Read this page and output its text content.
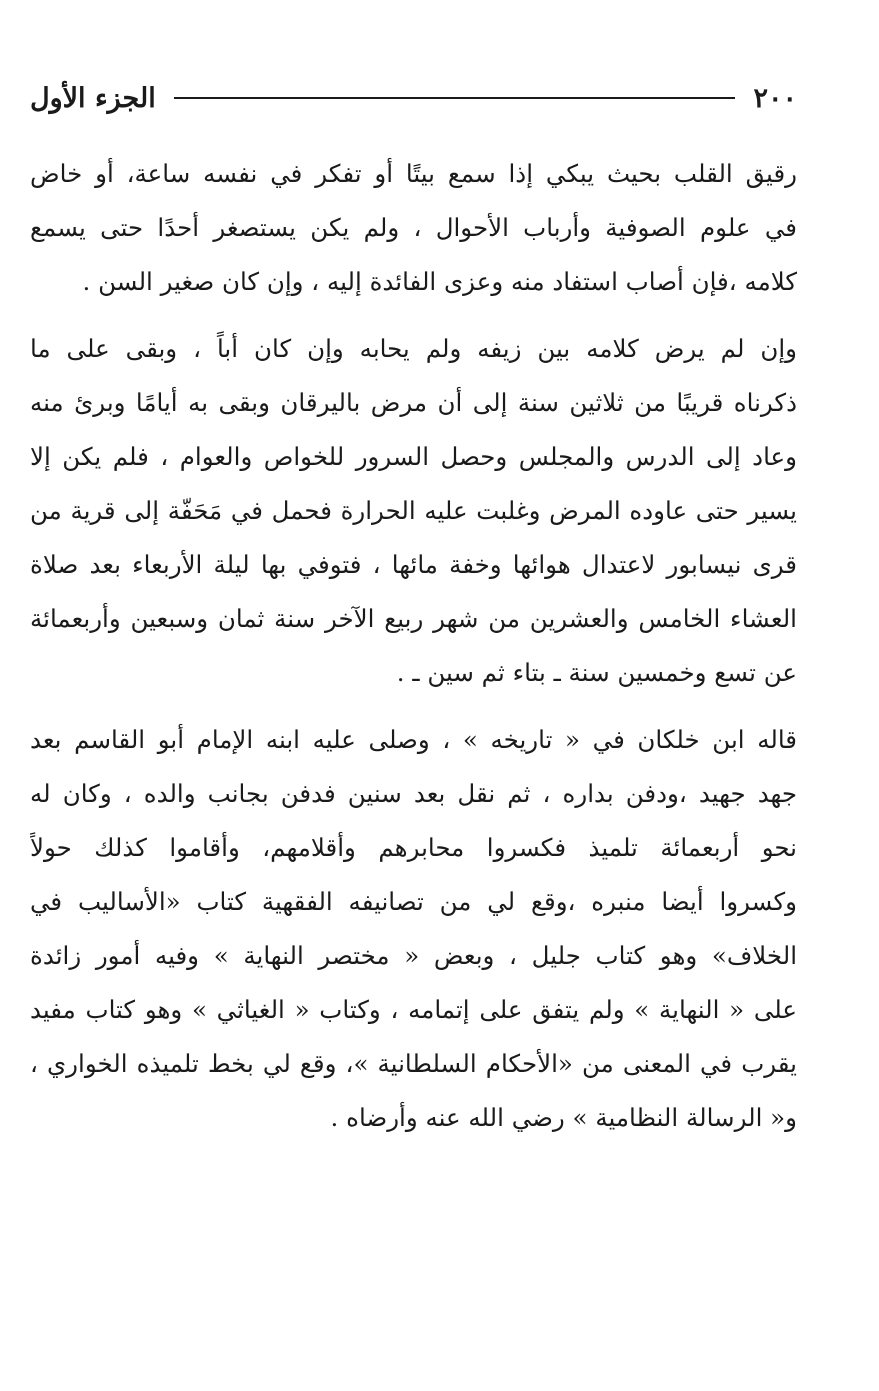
٢٠٠
الجزء الأول
رقيق القلب بحيث يبكي إذا سمع بيتًا أو تفكر في نفسه ساعة، أو خاض
في علوم الصوفية وأرباب الأحوال ، ولم يكن يستصغر أحدًا حتى يسمع
كلامه ،فإن أصاب استفاد منه وعزى الفائدة إليه ، وإن كان صغير السن .
وإن لم يرض كلامه بين زيفه ولم يحابه وإن كان أباً ، وبقى على ما
ذكرناه قريبًا من ثلاثين سنة إلى أن مرض باليرقان وبقى به أيامًا وبرئ منه
وعاد إلى الدرس والمجلس وحصل السرور للخواص والعوام ، فلم يكن إلا
يسير حتى عاوده المرض وغلبت عليه الحرارة فحمل في مَحَفّة إلى قرية من
قرى نيسابور لاعتدال هوائها وخفة مائها ، فتوفي بها ليلة الأربعاء بعد صلاة
العشاء الخامس والعشرين من شهر ربيع الآخر سنة ثمان وسبعين وأربعمائة
عن تسع وخمسين سنة ـ بتاء ثم سين ـ .
قاله ابن خلكان في « تاريخه » ، وصلى عليه ابنه الإمام أبو القاسم بعد
جهد جهيد ،ودفن بداره ، ثم نقل بعد سنين فدفن بجانب والده ، وكان له
نحو أربعمائة تلميذ فكسروا محابرهم وأقلامهم، وأقاموا كذلك حولاً
وكسروا أيضا منبره ،وقع لي من تصانيفه الفقهية كتاب «الأساليب في
الخلاف» وهو كتاب جليل ، وبعض « مختصر النهاية » وفيه أمور زائدة
على « النهاية » ولم يتفق على إتمامه ، وكتاب « الغياثي » وهو كتاب مفيد
يقرب في المعنى من «الأحكام السلطانية »، وقع لي بخط تلميذه الخواري ،
و« الرسالة النظامية » رضي الله عنه وأرضاه .
